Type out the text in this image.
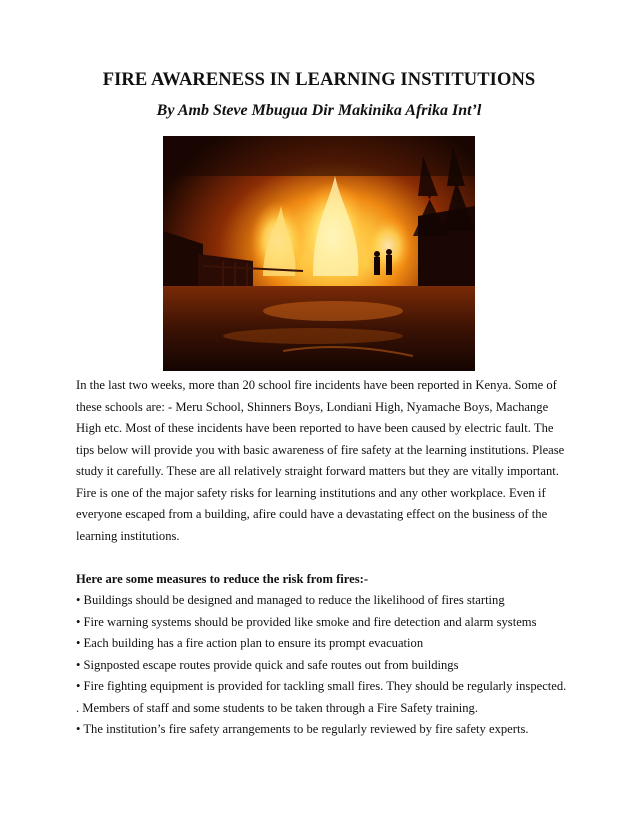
FIRE AWARENESS IN LEARNING INSTITUTIONS

By Amb Steve Mbugua Dir Makinika Afrika Int’l

In the last two weeks, more than 20 school fire incidents have been reported in Kenya. Some of

these schools are: - Meru School, Shinners Boys, Londiani High, Nyamache Boys, Machange

High etc. Most of these incidents have been reported to have been caused by electric fault. The

tips below will provide you with basic awareness of fire safety at the learning institutions. Please

study it carefully. These are all relatively straight forward matters but they are vitally important.

Fire is one of the major safety risks for learning institutions and any other workplace. Even if

everyone escaped from a building, afire could have a devastating effect on the business of the

learning institutions.

Here are some measures to reduce the risk from fires:-

• Buildings should be designed and managed to reduce the likelihood of fires starting

• Fire warning systems should be provided like smoke and fire detection and alarm systems

• Each building has a fire action plan to ensure its prompt evacuation

• Signposted escape routes provide quick and safe routes out from buildings

• Fire fighting equipment is provided for tackling small fires. They should be regularly inspected.

. Members of staff and some students to be taken through a Fire Safety training.

• The institution’s fire safety arrangements to be regularly reviewed by fire safety experts.
